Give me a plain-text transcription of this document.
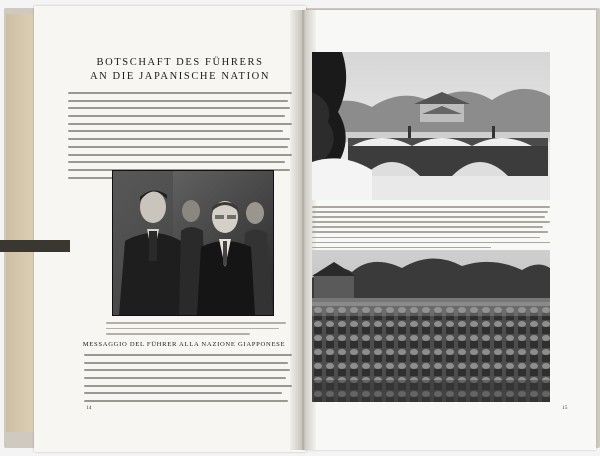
BOTSCHAFT DES FÜHRERS
AN DIE JAPANISCHE NATION
MESSAGGIO DEL FÜHRER ALLA NAZIONE GIAPPONESE
14	15
